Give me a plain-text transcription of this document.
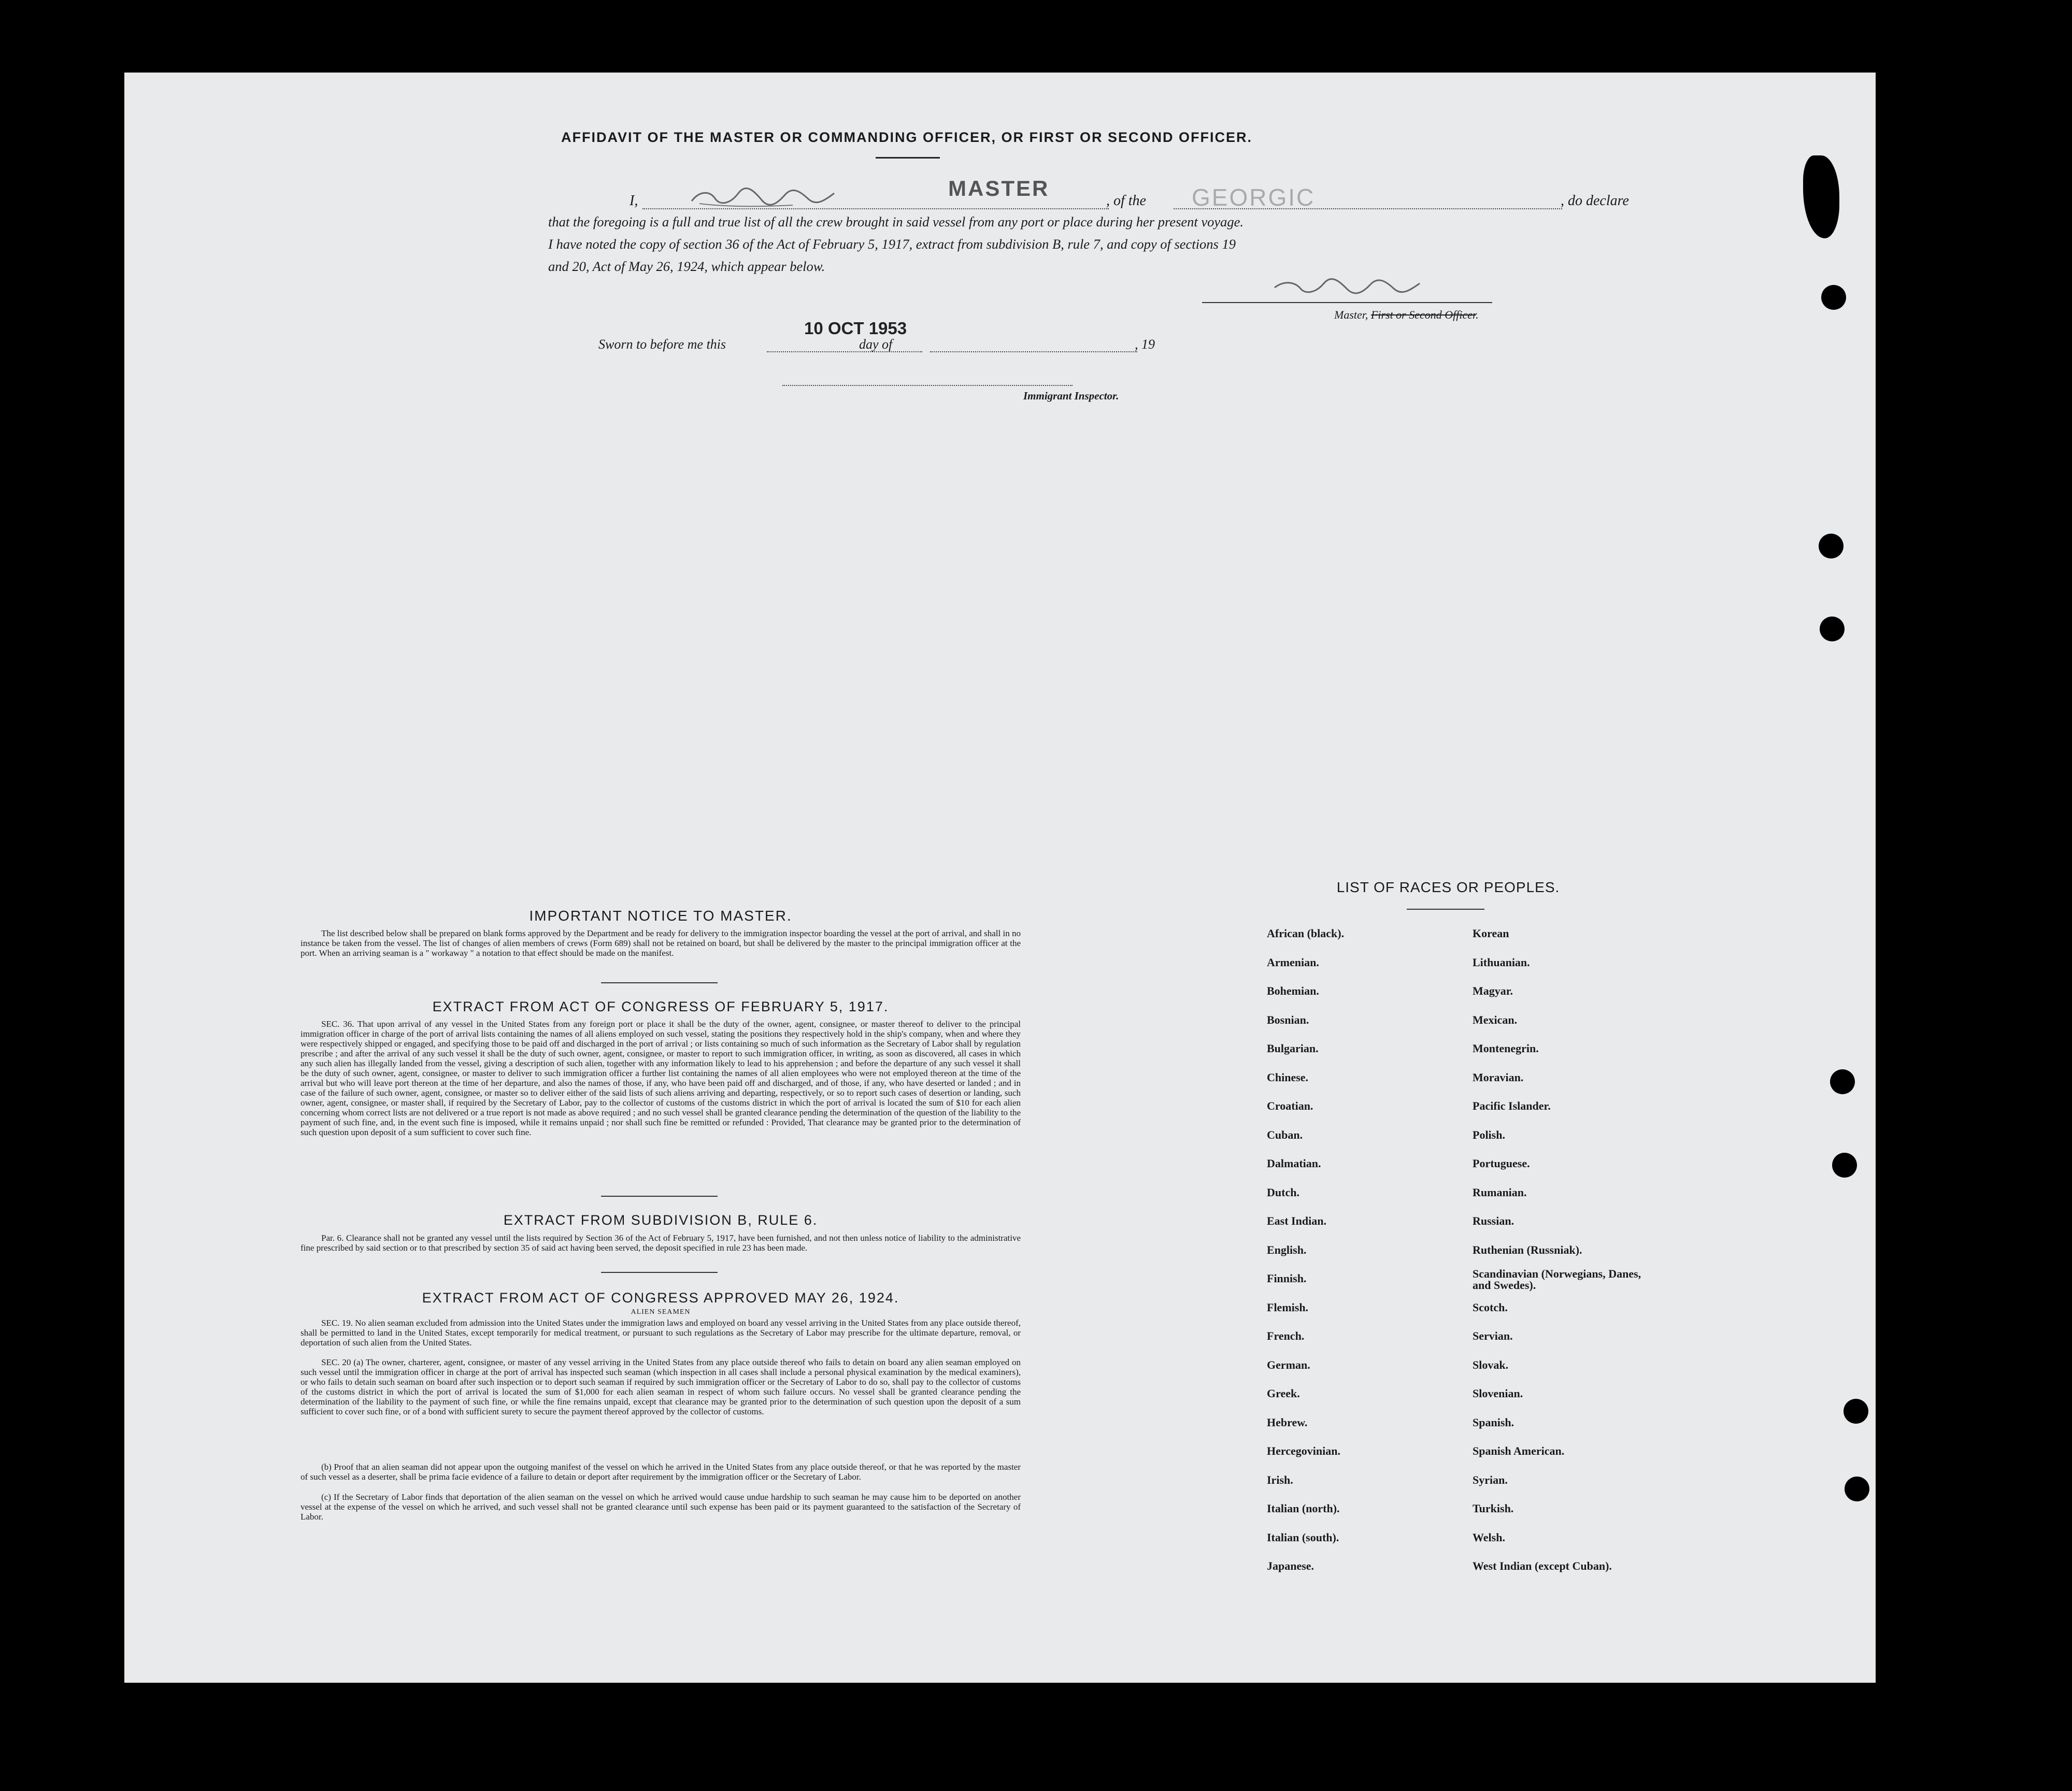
AFFIDAVIT OF THE MASTER OR COMMANDING OFFICER, OR FIRST OR SECOND OFFICER.
I,
MASTER
, of the GEORGIC	, do declare
that the foregoing is a full and true list of all the crew brought in said vessel from any port or place during her present voyage.
I have noted the copy of section 36 of the Act of February 5, 1917, extract from subdivision B, rule 7, and copy of sections 19
and 20, Act of May 26, 1924, which appear below.
Master, First or Second Officer.
10 OCT 1953
Sworn to before me this	day of	, 19
Immigrant Inspector.
IMPORTANT NOTICE TO MASTER.
The list described below shall be prepared on blank forms approved by the Department and be ready for delivery to the immigration inspector boarding the vessel at the port of arrival, and shall in no instance be taken from the vessel. The list of changes of alien members of crews (Form 689) shall not be retained on board, but shall be delivered by the master to the principal immigration officer at the port. When an arriving seaman is a " workaway " a notation to that effect should be made on the manifest.
EXTRACT FROM ACT OF CONGRESS OF FEBRUARY 5, 1917.
SEC. 36. That upon arrival of any vessel in the United States from any foreign port or place it shall be the duty of the owner, agent, consignee, or master thereof to deliver to the principal immigration officer in charge of the port of arrival lists containing the names of all aliens employed on such vessel, stating the positions they respectively hold in the ship's company, when and where they were respectively shipped or engaged, and specifying those to be paid off and discharged in the port of arrival ; or lists containing so much of such information as the Secretary of Labor shall by regulation prescribe ; and after the arrival of any such vessel it shall be the duty of such owner, agent, consignee, or master to report to such immigration officer, in writing, as soon as discovered, all cases in which any such alien has illegally landed from the vessel, giving a description of such alien, together with any information likely to lead to his apprehension ; and before the departure of any such vessel it shall be the duty of such owner, agent, consignee, or master to deliver to such immigration officer a further list containing the names of all alien employees who were not employed thereon at the time of the arrival but who will leave port thereon at the time of her departure, and also the names of those, if any, who have been paid off and discharged, and of those, if any, who have deserted or landed ; and in case of the failure of such owner, agent, consignee, or master so to deliver either of the said lists of such aliens arriving and departing, respectively, or so to report such cases of desertion or landing, such owner, agent, consignee, or master shall, if required by the Secretary of Labor, pay to the collector of customs of the customs district in which the port of arrival is located the sum of $10 for each alien concerning whom correct lists are not delivered or a true report is not made as above required ; and no such vessel shall be granted clearance pending the determination of the question of the liability to the payment of such fine, and, in the event such fine is imposed, while it remains unpaid ; nor shall such fine be remitted or refunded : Provided, That clearance may be granted prior to the determination of such question upon deposit of a sum sufficient to cover such fine.
EXTRACT FROM SUBDIVISION B, RULE 6.
Par. 6. Clearance shall not be granted any vessel until the lists required by Section 36 of the Act of February 5, 1917, have been furnished, and not then unless notice of liability to the administrative fine prescribed by said section or to that prescribed by section 35 of said act having been served, the deposit specified in rule 23 has been made.
EXTRACT FROM ACT OF CONGRESS APPROVED MAY 26, 1924.
ALIEN SEAMEN
SEC. 19. No alien seaman excluded from admission into the United States under the immigration laws and employed on board any vessel arriving in the United States from any place outside thereof, shall be permitted to land in the United States, except temporarily for medical treatment, or pursuant to such regulations as the Secretary of Labor may prescribe for the ultimate departure, removal, or deportation of such alien from the United States.
SEC. 20 (a) The owner, charterer, agent, consignee, or master of any vessel arriving in the United States from any place outside thereof who fails to detain on board any alien seaman employed on such vessel until the immigration officer in charge at the port of arrival has inspected such seaman (which inspection in all cases shall include a personal physical examination by the medical examiners), or who fails to detain such seaman on board after such inspection or to deport such seaman if required by such immigration officer or the Secretary of Labor to do so, shall pay to the collector of customs of the customs district in which the port of arrival is located the sum of $1,000 for each alien seaman in respect of whom such failure occurs. No vessel shall be granted clearance pending the determination of the liability to the payment of such fine, or while the fine remains unpaid, except that clearance may be granted prior to the determination of such question upon the deposit of a sum sufficient to cover such fine, or of a bond with sufficient surety to secure the payment thereof approved by the collector of customs.
(b) Proof that an alien seaman did not appear upon the outgoing manifest of the vessel on which he arrived in the United States from any place outside thereof, or that he was reported by the master of such vessel as a deserter, shall be prima facie evidence of a failure to detain or deport after requirement by the immigration officer or the Secretary of Labor.
(c) If the Secretary of Labor finds that deportation of the alien seaman on the vessel on which he arrived would cause undue hardship to such seaman he may cause him to be deported on another vessel at the expense of the vessel on which he arrived, and such vessel shall not be granted clearance until such expense has been paid or its payment guaranteed to the satisfaction of the Secretary of Labor.
LIST OF RACES OR PEOPLES.
African (black).
Armenian.
Bohemian.
Bosnian.
Bulgarian.
Chinese.
Croatian.
Cuban.
Dalmatian.
Dutch.
East Indian.
English.
Finnish.
Flemish.
French.
German.
Greek.
Hebrew.
Hercegovinian.
Irish.
Italian (north).
Italian (south).
Japanese.
Korean
Lithuanian.
Magyar.
Mexican.
Montenegrin.
Moravian.
Pacific Islander.
Polish.
Portuguese.
Rumanian.
Russian.
Ruthenian (Russniak).
Scandinavian (Norwegians, Danes, and Swedes).
Scotch.
Servian.
Slovak.
Slovenian.
Spanish.
Spanish American.
Syrian.
Turkish.
Welsh.
West Indian (except Cuban).
